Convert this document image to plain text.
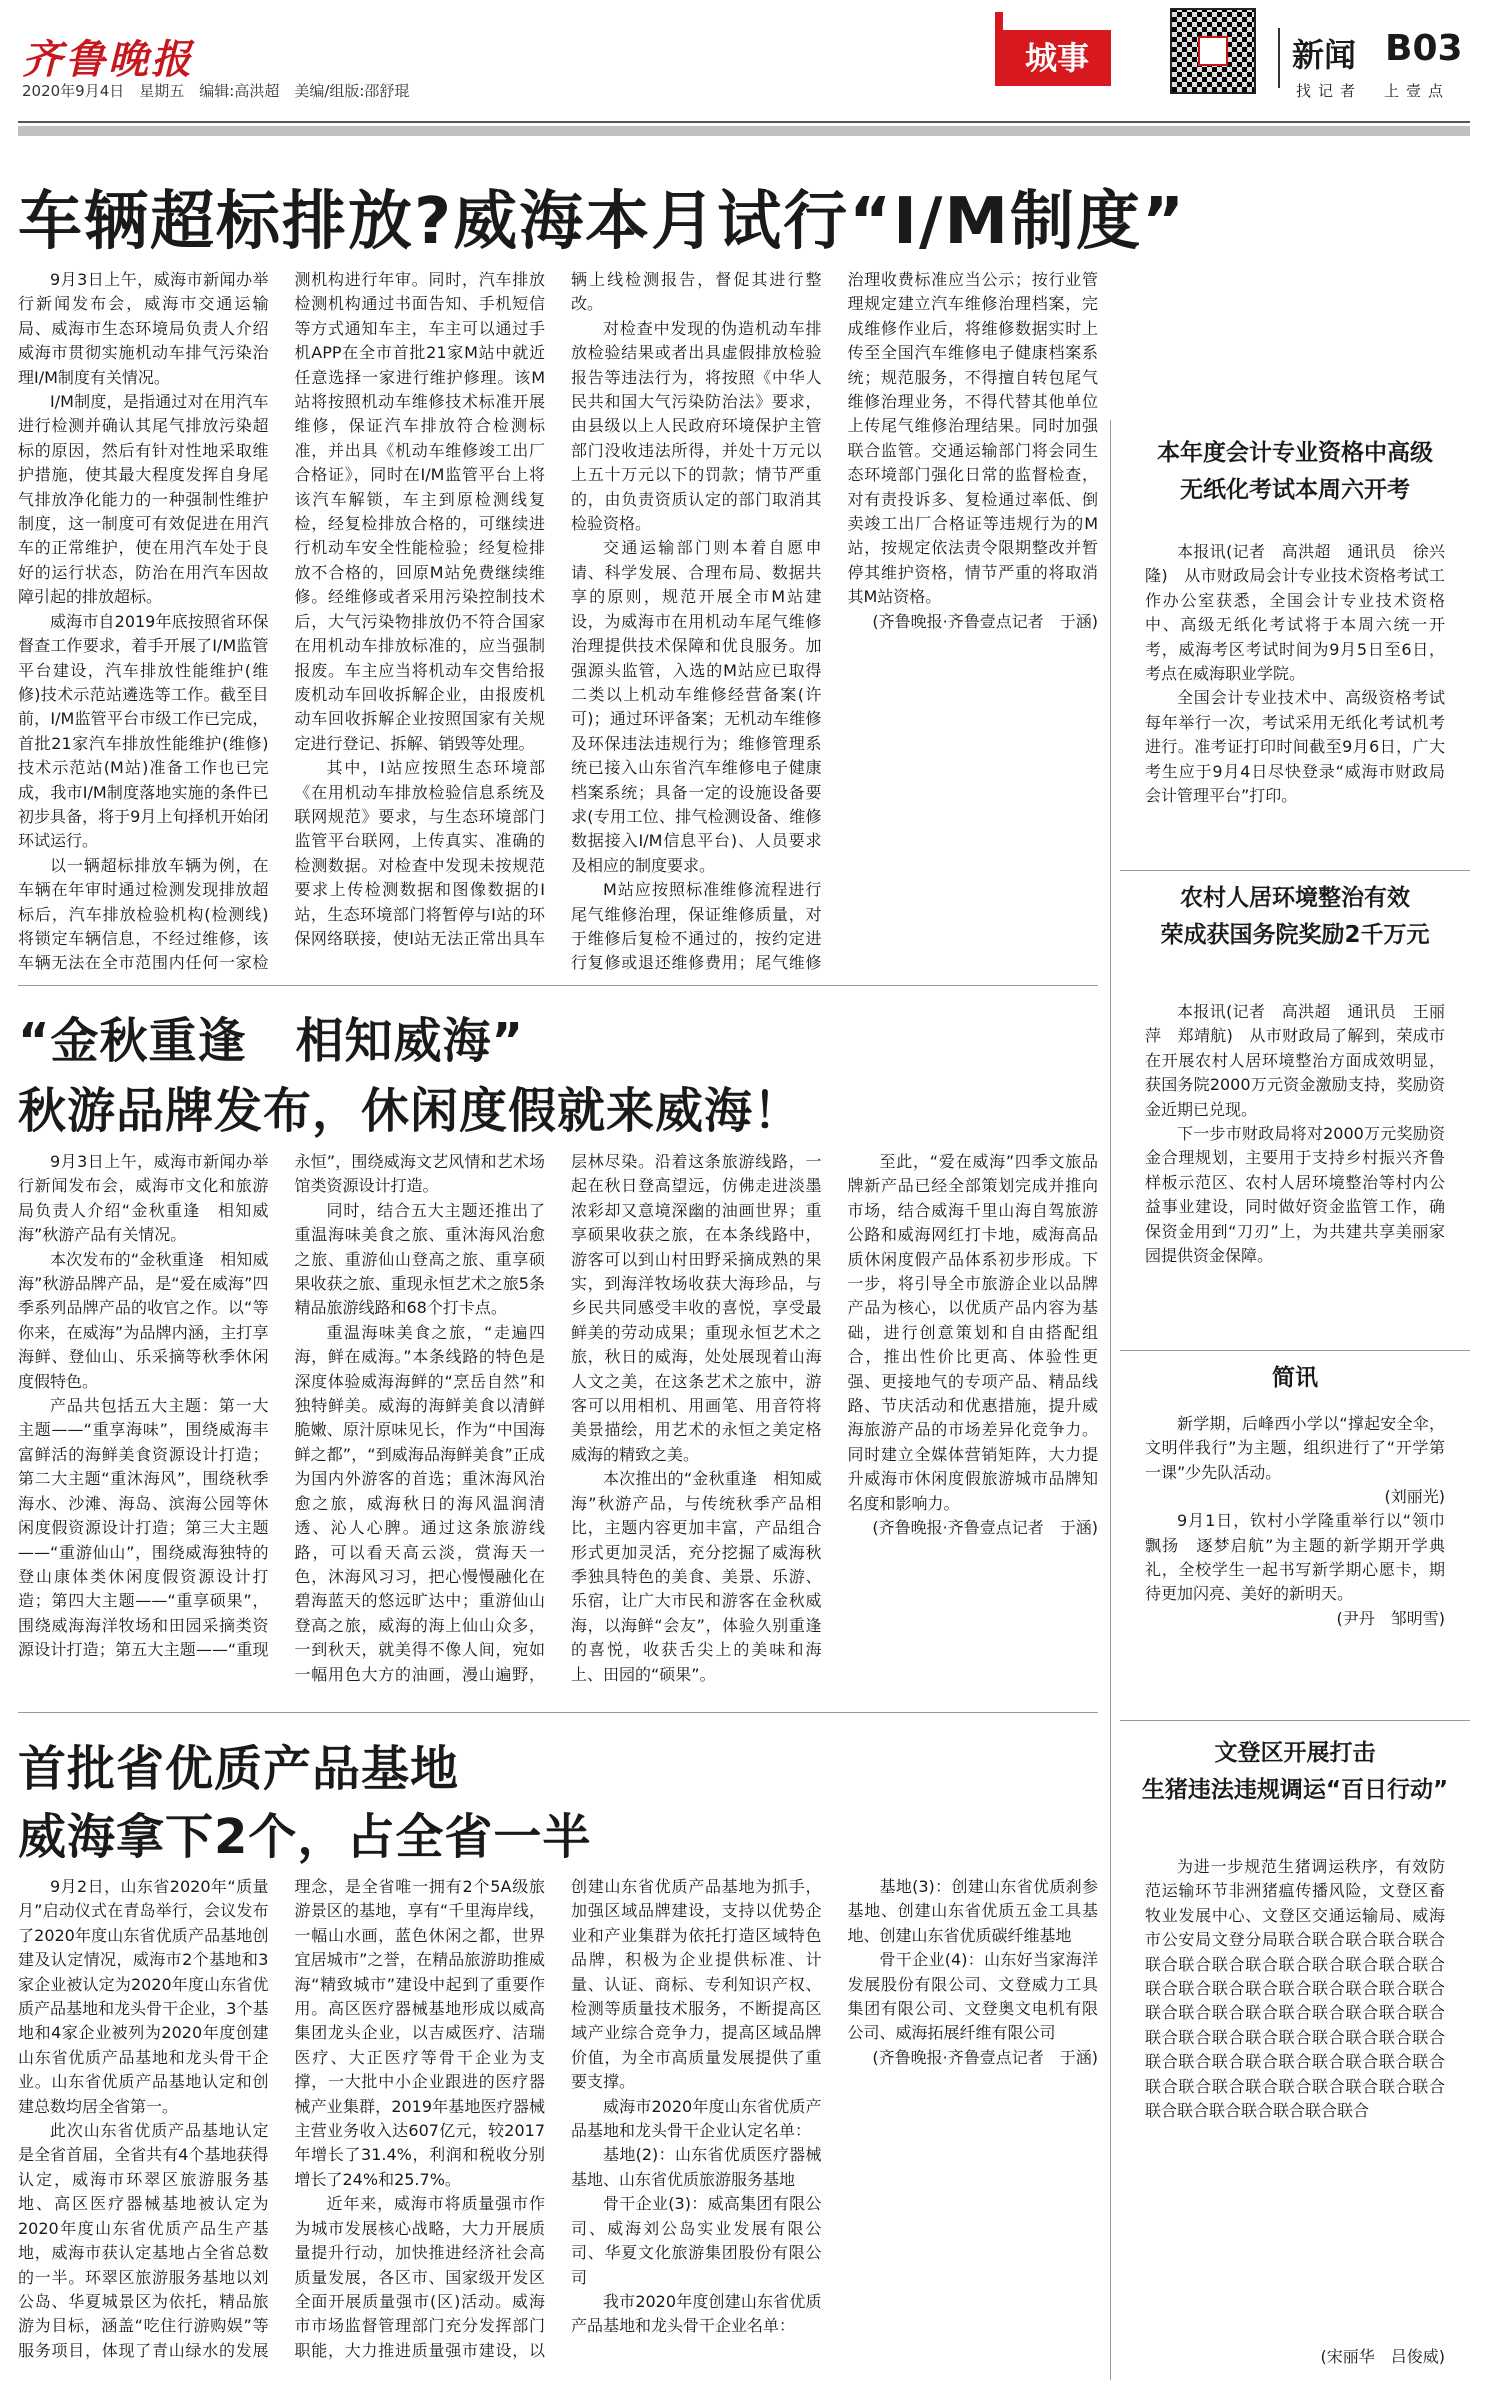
齐鲁晚报
2020年9月4日　星期五　编辑:高洪超　美编/组版:邵舒琨
城事	新闻 B03
找记者　上壹点
车辆超标排放?威海本月试行“I/M制度”

9月3日上午，威海市新闻办举行新闻发布会，威海市交通运输局、威海市生态环境局负责人介绍威海市贯彻实施机动车排气污染治理I/M制度有关情况。

I/M制度，是指通过对在用汽车进行检测并确认其尾气排放污染超标的原因，然后有针对性地采取维护措施，使其最大程度发挥自身尾气排放净化能力的一种强制性维护制度，这一制度可有效促进在用汽车的正常维护，使在用汽车处于良好的运行状态，防治在用汽车因故障引起的排放超标。

威海市自2019年底按照省环保督查工作要求，着手开展了I/M监管平台建设，汽车排放性能维护(维修)技术示范站遴选等工作。截至目前，I/M监管平台市级工作已完成，首批21家汽车排放性能维护(维修)技术示范站(M站)准备工作也已完成，我市I/M制度落地实施的条件已初步具备，将于9月上旬择机开始闭环试运行。

以一辆超标排放车辆为例，在车辆在年审时通过检测发现排放超标后，汽车排放检验机构(检测线)将锁定车辆信息，不经过维修，该车辆无法在全市范围内任何一家检测机构进行年审。同时，汽车排放检测机构通过书面告知、手机短信等方式通知车主，车主可以通过手机APP在全市首批21家M站中就近任意选择一家进行维护修理。该M站将按照机动车维修技术标准开展维修，保证汽车排放符合检测标准，并出具《机动车维修竣工出厂合格证》，同时在I/M监管平台上将该汽车解锁，车主到原检测线复检，经复检排放合格的，可继续进行机动车安全性能检验；经复检排放不合格的，回原M站免费继续维修。经维修或者采用污染控制技术后，大气污染物排放仍不符合国家在用机动车排放标准的，应当强制报废。车主应当将机动车交售给报废机动车回收拆解企业，由报废机动车回收拆解企业按照国家有关规定进行登记、拆解、销毁等处理。

其中，I站应按照生态环境部《在用机动车排放检验信息系统及联网规范》要求，与生态环境部门监管平台联网，上传真实、准确的检测数据。对检查中发现未按规范要求上传检测数据和图像数据的I站，生态环境部门将暂停与I站的环保网络联接，使I站无法正常出具车辆上线检测报告，督促其进行整改。

对检查中发现的伪造机动车排放检验结果或者出具虚假排放检验报告等违法行为，将按照《中华人民共和国大气污染防治法》要求，由县级以上人民政府环境保护主管部门没收违法所得，并处十万元以上五十万元以下的罚款；情节严重的，由负责资质认定的部门取消其检验资格。

交通运输部门则本着自愿申请、科学发展、合理布局、数据共享的原则，规范开展全市M站建设，为威海市在用机动车尾气维修治理提供技术保障和优良服务。加强源头监管，入选的M站应已取得二类以上机动车维修经营备案(许可)；通过环评备案；无机动车维修及环保违法违规行为；维修管理系统已接入山东省汽车维修电子健康档案系统；具备一定的设施设备要求(专用工位、排气检测设备、维修数据接入I/M信息平台)、人员要求及相应的制度要求。

M站应按照标准维修流程进行尾气维修治理，保证维修质量，对于维修后复检不通过的，按约定进行复修或退还维修费用；尾气维修治理收费标准应当公示；按行业管理规定建立汽车维修治理档案，完成维修作业后，将维修数据实时上传至全国汽车维修电子健康档案系统；规范服务，不得擅自转包尾气维修治理业务，不得代替其他单位上传尾气维修治理结果。同时加强联合监管。交通运输部门将会同生态环境部门强化日常的监督检查，对有责投诉多、复检通过率低、倒卖竣工出厂合格证等违规行为的M站，按规定依法责令限期整改并暂停其维护资格，情节严重的将取消其M站资格。

(齐鲁晚报·齐鲁壹点记者　于涵)

“金秋重逢　相知威海”
秋游品牌发布，休闲度假就来威海！

9月3日上午，威海市新闻办举行新闻发布会，威海市文化和旅游局负责人介绍“金秋重逢　相知威海”秋游产品有关情况。

本次发布的“金秋重逢　相知威海”秋游品牌产品，是“爱在威海”四季系列品牌产品的收官之作。以“等你来，在威海”为品牌内涵，主打享海鲜、登仙山、乐采摘等秋季休闲度假特色。

产品共包括五大主题：第一大主题——“重享海味”，围绕威海丰富鲜活的海鲜美食资源设计打造；第二大主题“重沐海风”，围绕秋季海水、沙滩、海岛、滨海公园等休闲度假资源设计打造；第三大主题——“重游仙山”，围绕威海独特的登山康体类休闲度假资源设计打造；第四大主题——“重享硕果”，围绕威海海洋牧场和田园采摘类资源设计打造；第五大主题——“重现永恒”，围绕威海文艺风情和艺术场馆类资源设计打造。

同时，结合五大主题还推出了重温海味美食之旅、重沐海风治愈之旅、重游仙山登高之旅、重享硕果收获之旅、重现永恒艺术之旅5条精品旅游线路和68个打卡点。

重温海味美食之旅，“走遍四海，鲜在威海。”本条线路的特色是深度体验威海海鲜的“烹岳自然”和独特鲜美。威海的海鲜美食以清鲜脆嫩、原汁原味见长，作为“中国海鲜之都”，“到威海品海鲜美食”正成为国内外游客的首选；重沐海风治愈之旅，威海秋日的海风温润清透、沁人心脾。通过这条旅游线路，可以看天高云淡，赏海天一色，沐海风习习，把心慢慢融化在碧海蓝天的悠远旷达中；重游仙山登高之旅，威海的海上仙山众多，一到秋天，就美得不像人间，宛如一幅用色大方的油画，漫山遍野，层林尽染。沿着这条旅游线路，一起在秋日登高望远，仿佛走进淡墨浓彩却又意境深幽的油画世界；重享硕果收获之旅，在本条线路中，游客可以到山村田野采摘成熟的果实，到海洋牧场收获大海珍品，与乡民共同感受丰收的喜悦，享受最鲜美的劳动成果；重现永恒艺术之旅，秋日的威海，处处展现着山海人文之美，在这条艺术之旅中，游客可以用相机、用画笔、用音符将美景描绘，用艺术的永恒之美定格威海的精致之美。

本次推出的“金秋重逢　相知威海”秋游产品，与传统秋季产品相比，主题内容更加丰富，产品组合形式更加灵活，充分挖掘了威海秋季独具特色的美食、美景、乐游、乐宿，让广大市民和游客在金秋威海，以海鲜“会友”，体验久别重逢的喜悦，收获舌尖上的美味和海上、田园的“硕果”。

至此，“爱在威海”四季文旅品牌新产品已经全部策划完成并推向市场，结合威海千里山海自驾旅游公路和威海网红打卡地，威海高品质休闲度假产品体系初步形成。下一步，将引导全市旅游企业以品牌产品为核心，以优质产品内容为基础，进行创意策划和自由搭配组合，推出性价比更高、体验性更强、更接地气的专项产品、精品线路、节庆活动和优惠措施，提升威海旅游产品的市场差异化竞争力。同时建立全媒体营销矩阵，大力提升威海市休闲度假旅游城市品牌知名度和影响力。

(齐鲁晚报·齐鲁壹点记者　于涵)

首批省优质产品基地
威海拿下2个，占全省一半

9月2日，山东省2020年“质量月”启动仪式在青岛举行，会议发布了2020年度山东省优质产品基地创建及认定情况，威海市2个基地和3家企业被认定为2020年度山东省优质产品基地和龙头骨干企业，3个基地和4家企业被列为2020年度创建山东省优质产品基地和龙头骨干企业。山东省优质产品基地认定和创建总数均居全省第一。

此次山东省优质产品基地认定是全省首届，全省共有4个基地获得认定，威海市环翠区旅游服务基地、高区医疗器械基地被认定为2020年度山东省优质产品生产基地，威海市获认定基地占全省总数的一半。环翠区旅游服务基地以刘公岛、华夏城景区为依托，精品旅游为目标，涵盖“吃住行游购娱”等服务项目，体现了青山绿水的发展理念，是全省唯一拥有2个5A级旅游景区的基地，享有“千里海岸线，一幅山水画，蓝色休闲之都，世界宜居城市”之誉，在精品旅游助推威海“精致城市”建设中起到了重要作用。高区医疗器械基地形成以威高集团龙头企业，以吉威医疗、洁瑞医疗、大正医疗等骨干企业为支撑，一大批中小企业跟进的医疗器械产业集群，2019年基地医疗器械主营业务收入达607亿元，较2017年增长了31.4%，利润和税收分别增长了24%和25.7%。

近年来，威海市将质量强市作为城市发展核心战略，大力开展质量提升行动，加快推进经济社会高质量发展，各区市、国家级开发区全面开展质量强市(区)活动。威海市市场监督管理部门充分发挥部门职能，大力推进质量强市建设，以创建山东省优质产品基地为抓手，加强区域品牌建设，支持以优势企业和产业集群为依托打造区域特色品牌，积极为企业提供标准、计量、认证、商标、专利知识产权、检测等质量技术服务，不断提高区域产业综合竞争力，提高区域品牌价值，为全市高质量发展提供了重要支撑。

威海市2020年度山东省优质产品基地和龙头骨干企业认定名单：

基地(2)：山东省优质医疗器械基地、山东省优质旅游服务基地

骨干企业(3)：威高集团有限公司、威海刘公岛实业发展有限公司、华夏文化旅游集团股份有限公司

我市2020年度创建山东省优质产品基地和龙头骨干企业名单：

基地(3)：创建山东省优质刹参基地、创建山东省优质五金工具基地、创建山东省优质碳纤维基地

骨干企业(4)：山东好当家海洋发展股份有限公司、文登威力工具集团有限公司、文登奥文电机有限公司、威海拓展纤维有限公司

(齐鲁晚报·齐鲁壹点记者　于涵)

本年度会计专业资格中高级
无纸化考试本周六开考

本报讯(记者　高洪超　通讯员　徐兴隆)　从市财政局会计专业技术资格考试工作办公室获悉，全国会计专业技术资格中、高级无纸化考试将于本周六统一开考，威海考区考试时间为9月5日至6日，考点在威海职业学院。

全国会计专业技术中、高级资格考试每年举行一次，考试采用无纸化考试机考进行。准考证打印时间截至9月6日，广大考生应于9月4日尽快登录“威海市财政局会计管理平台”打印。

农村人居环境整治有效
荣成获国务院奖励2千万元

本报讯(记者　高洪超　通讯员　王丽萍　郑靖航)　从市财政局了解到，荣成市在开展农村人居环境整治方面成效明显，获国务院2000万元资金激励支持，奖励资金近期已兑现。

下一步市财政局将对2000万元奖励资金合理规划，主要用于支持乡村振兴齐鲁样板示范区、农村人居环境整治等村内公益事业建设，同时做好资金监管工作，确保资金用到“刀刃”上，为共建共享美丽家园提供资金保障。

简讯

新学期，后峰西小学以“撑起安全伞，文明伴我行”为主题，组织进行了“开学第一课”少先队活动。

(刘丽光)

9月1日，钦村小学隆重举行以“领巾飘扬　逐梦启航”为主题的新学期开学典礼，全校学生一起书写新学期心愿卡，期待更加闪亮、美好的新明天。

(尹丹　邹明雪)

文登区开展打击
生猪违法违规调运“百日行动”

为进一步规范生猪调运秩序，有效防范运输环节非洲猪瘟传播风险，文登区畜牧业发展中心、文登区交通运输局、威海市公安局文登分局联合联合联合联合联合联合联合联合联合联合联合联合联合联合联合联合联合联合联合联合联合联合联合联合联合联合联合联合联合联合联合联合联合联合联合联合联合联合联合联合联合联合联合联合联合联合联合联合联合联合联合联合联合联合联合联合联合联合联合联合联合联合联合联合联合联合

(宋丽华　吕俊威)
